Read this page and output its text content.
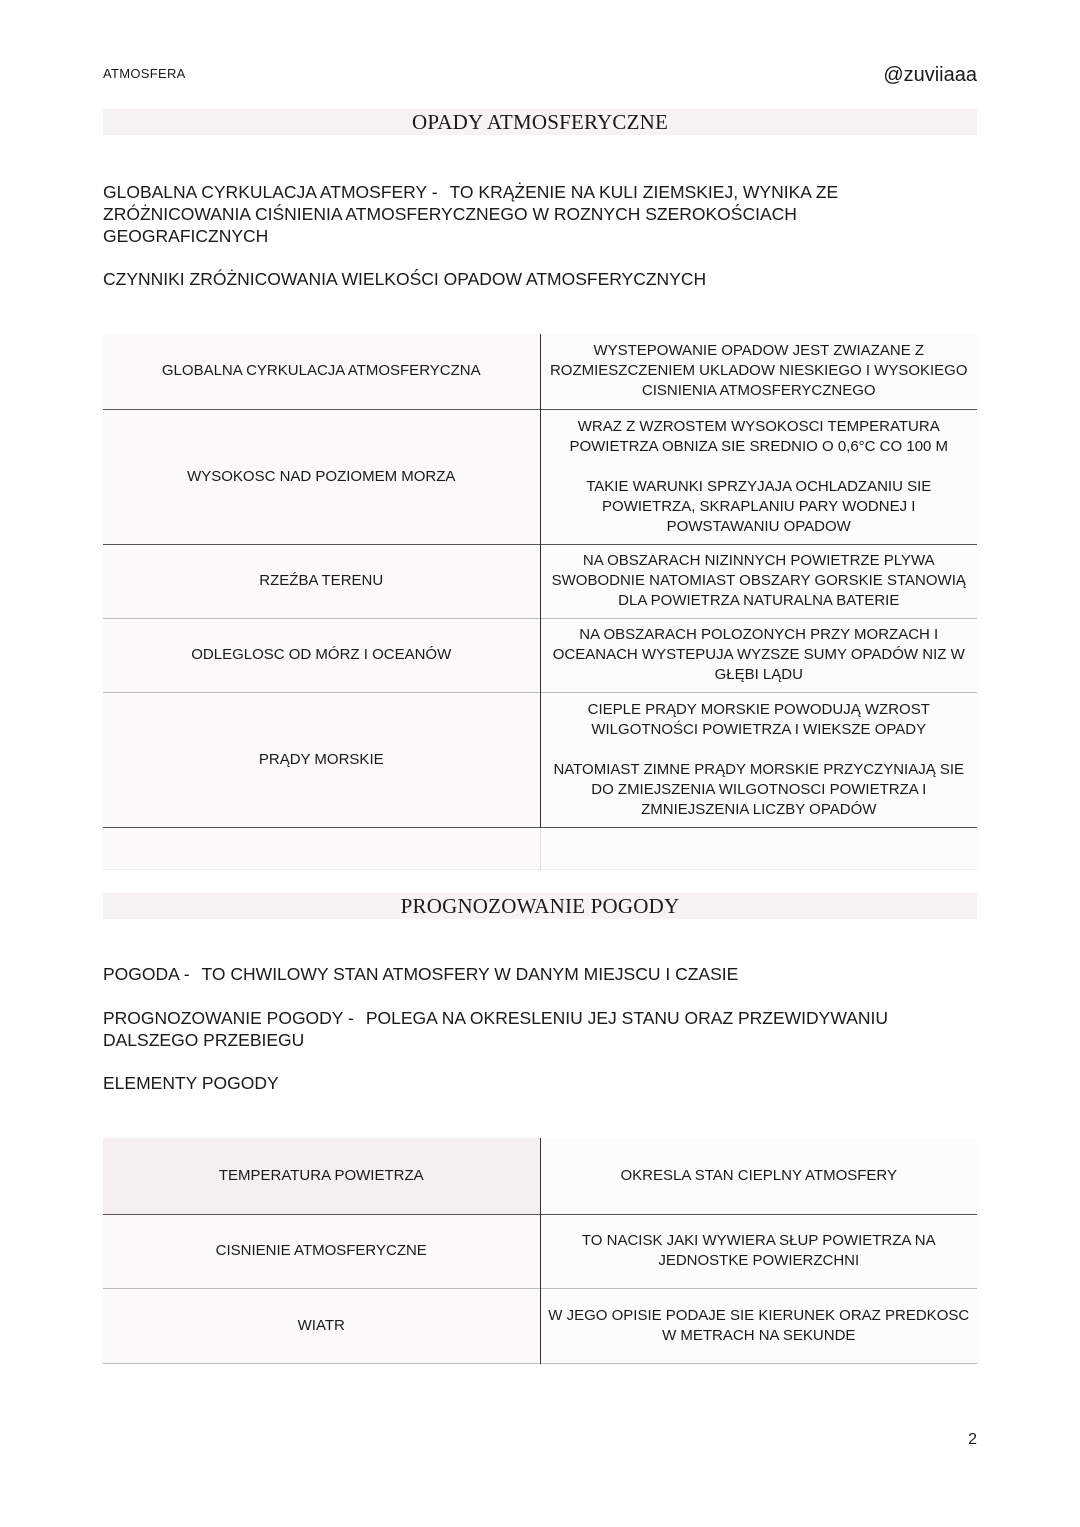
ATMOSFERA	@zuviiaaa
OPADY ATMOSFERYCZNE
GLOBALNA CYRKULACJA ATMOSFERY - TO KRĄŻENIE NA KULI ZIEMSKIEJ, WYNIKA ZE ZRÓŻNICOWANIA CIŚNIENIA ATMOSFERYCZNEGO W ROZNYCH SZEROKOŚCIACH GEOGRAFICZNYCH
CZYNNIKI ZRÓŻNICOWANIA WIELKOŚCI OPADOW ATMOSFERYCZNYCH
GLOBALNA CYRKULACJA ATMOSFERYCZNA	WYSTEPOWANIE OPADOW JEST ZWIAZANE Z ROZMIESZCZENIEM UKLADOW NIESKIEGO I WYSOKIEGO CISNIENIA ATMOSFERYCZNEGO
WYSOKOSC NAD POZIOMEM MORZA	WRAZ Z WZROSTEM WYSOKOSCI TEMPERATURA POWIETRZA OBNIZA SIE SREDNIO O 0,6°C CO 100 M
TAKIE WARUNKI SPRZYJAJA OCHLADZANIU SIE POWIETRZA, SKRAPLANIU PARY WODNEJ I POWSTAWANIU OPADOW
RZEŹBA TERENU	NA OBSZARACH NIZINNYCH POWIETRZE PLYWA SWOBODNIE NATOMIAST OBSZARY GORSKIE STANOWIĄ DLA POWIETRZA NATURALNA BATERIE
ODLEGLOSC OD MÓRZ I OCEANÓW	NA OBSZARACH POLOZONYCH PRZY MORZACH I OCEANACH WYSTEPUJA WYZSZE SUMY OPADÓW NIZ W GŁĘBI LĄDU
PRĄDY MORSKIE	CIEPLE PRĄDY MORSKIE POWODUJĄ WZROST WILGOTNOŚCI POWIETRZA I WIEKSZE OPADY
NATOMIAST ZIMNE PRĄDY MORSKIE PRZYCZYNIAJĄ SIE DO ZMIEJSZENIA WILGOTNOSCI POWIETRZA I ZMNIEJSZENIA LICZBY OPADÓW

PROGNOZOWANIE POGODY
POGODA - TO CHWILOWY STAN ATMOSFERY W DANYM MIEJSCU I CZASIE
PROGNOZOWANIE POGODY - POLEGA NA OKRESLENIU JEJ STANU ORAZ PRZEWIDYWANIU DALSZEGO PRZEBIEGU
ELEMENTY POGODY
TEMPERATURA POWIETRZA	OKRESLA STAN CIEPLNY ATMOSFERY
CISNIENIE ATMOSFERYCZNE	TO NACISK JAKI WYWIERA SŁUP POWIETRZA NA JEDNOSTKE POWIERZCHNI
WIATR	W JEGO OPISIE PODAJE SIE KIERUNEK ORAZ PREDKOSC W METRACH NA SEKUNDE
2
